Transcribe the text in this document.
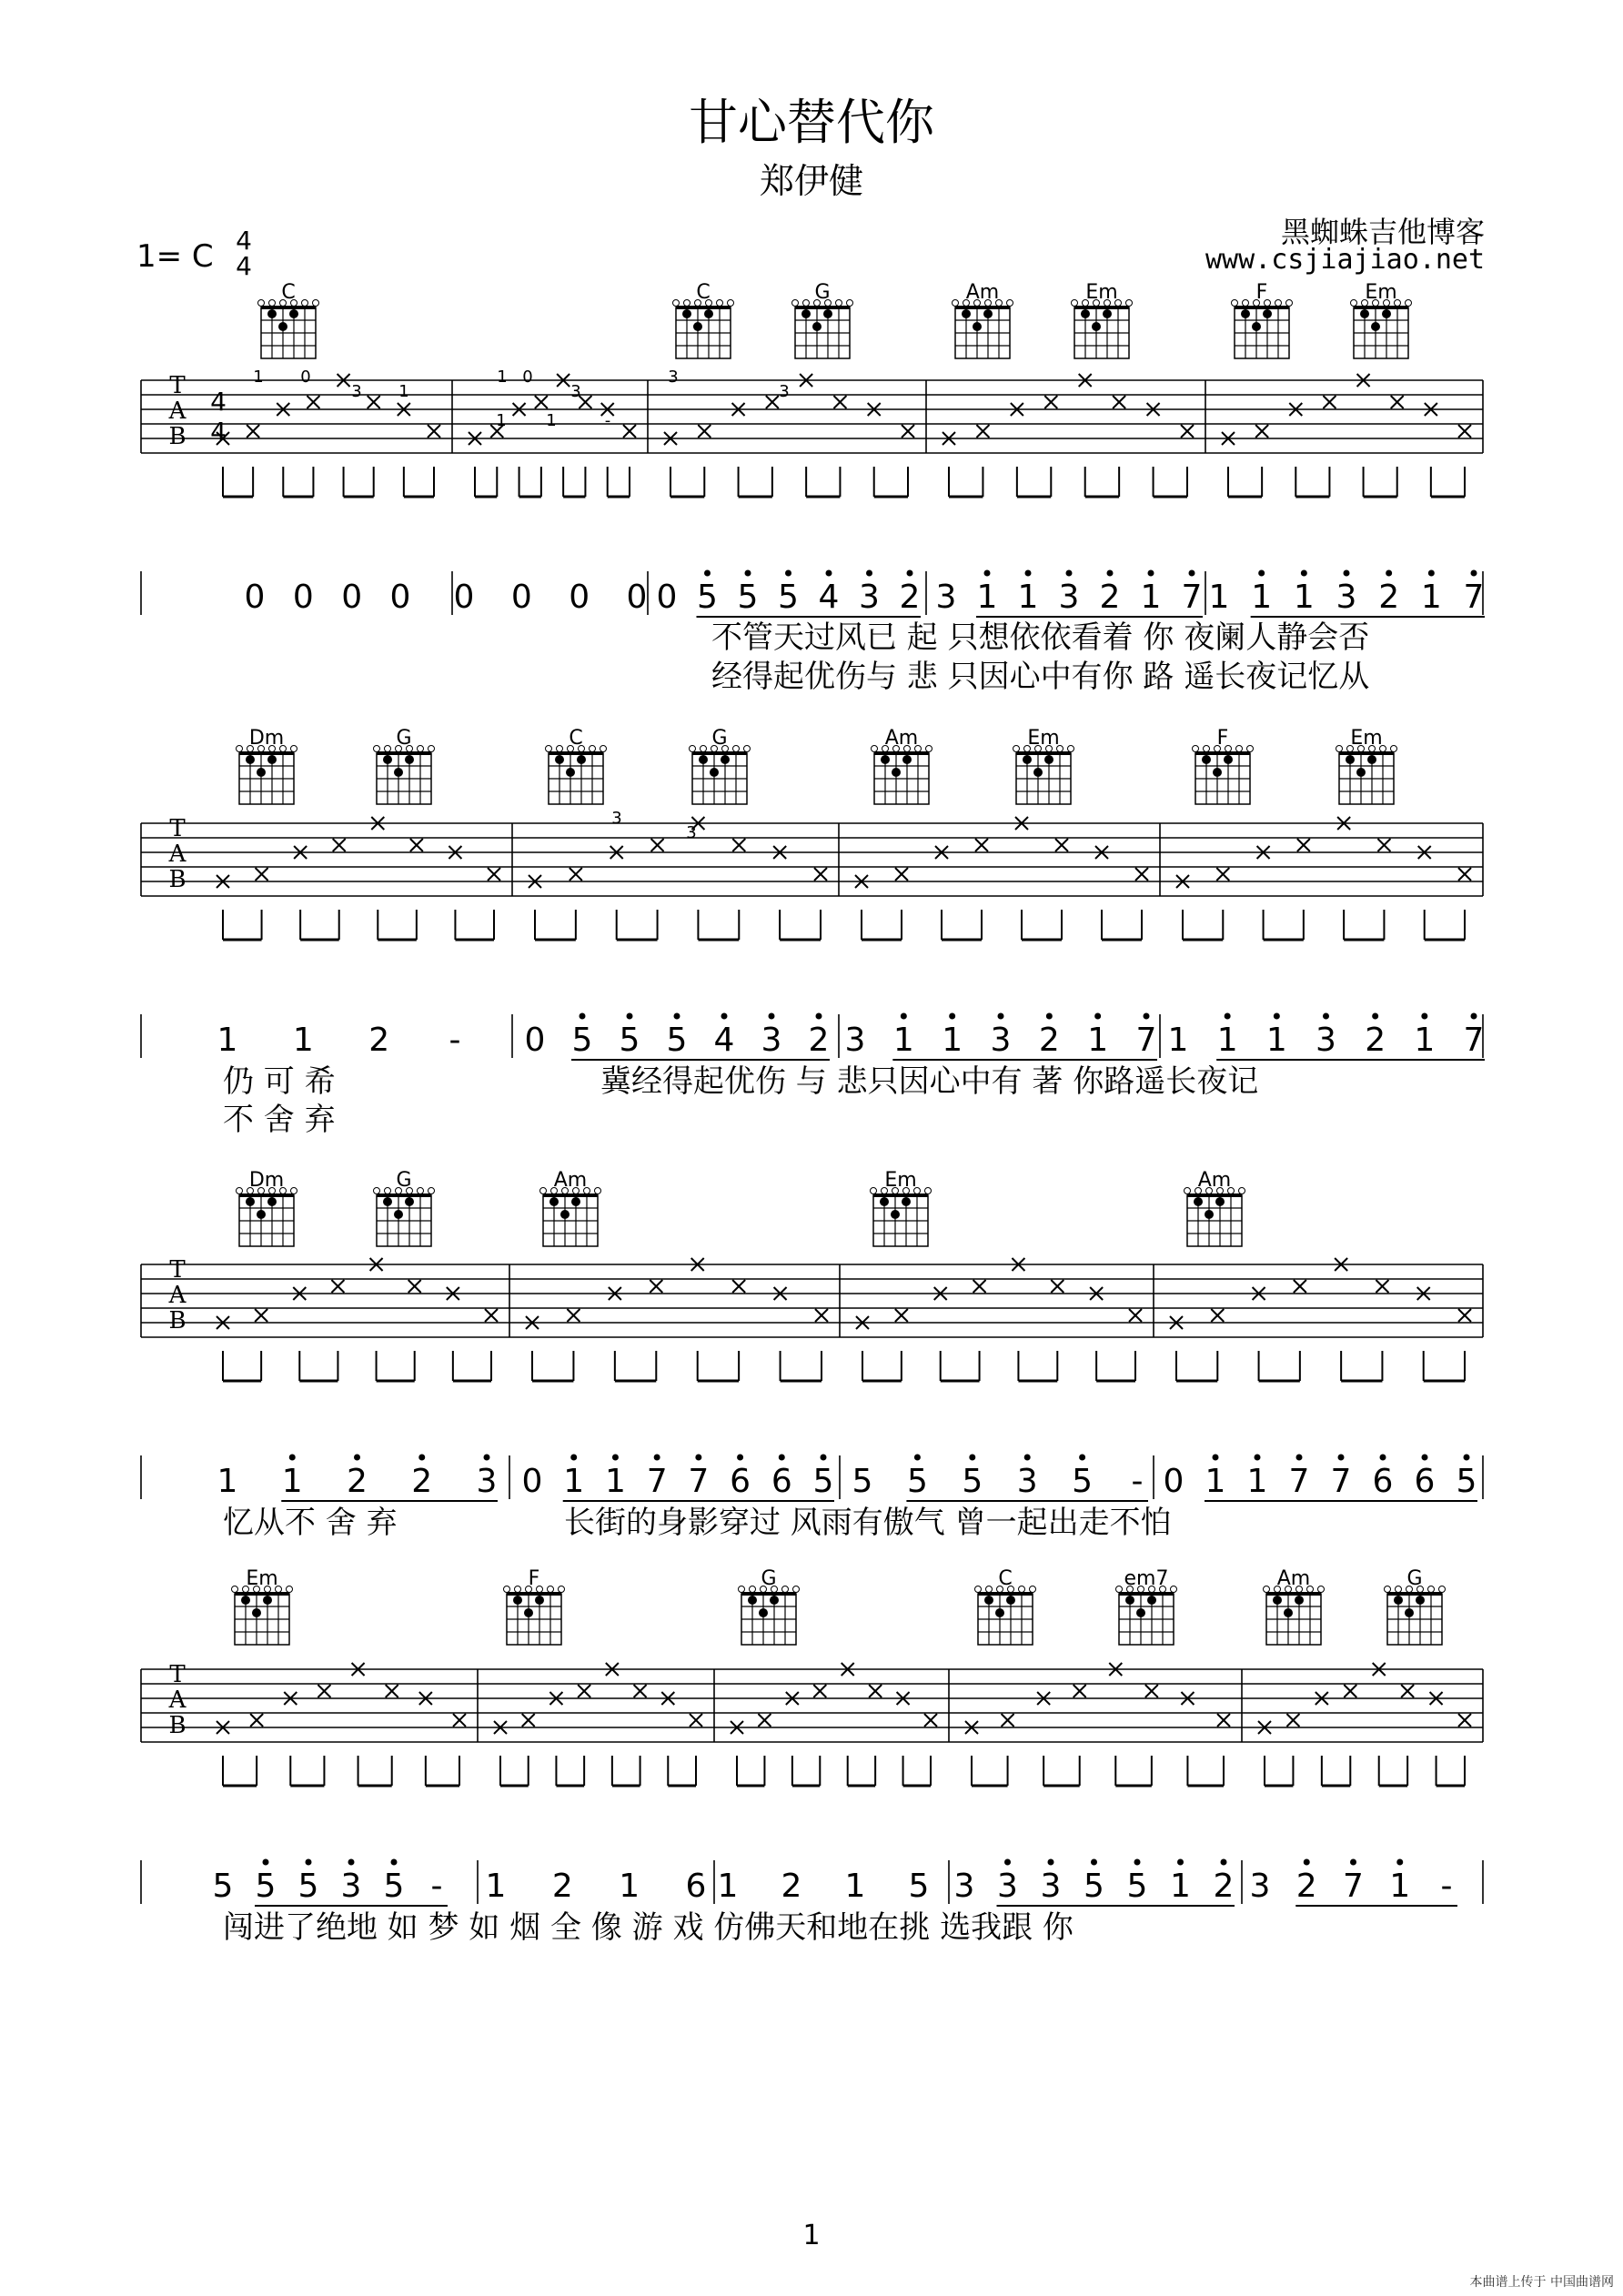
甘心替代你
郑伊健
黑蜘蛛吉他博客
www.csjiajiao.net
1= C 4
4
C	C	G	Am	Em	F	Em
T
A
B
4
4
0 0 0 0 0 0 0 0 0 5 5 5 4 3 2 3 1 1 3 2 1 7 1 1 1 3 2 1 7
不管天过风已 起 只想依依看着 你 夜阑人静会否
经得起优伤与 悲 只因心中有你 路 遥长夜记忆从
Dm	G	C	G	Am	Em	F	Em
T
A
B
1 1 2 - 0 5 5 5 4 3 2 3 1 1 3 2 1 7 1 1 1 3 2 1 7
仍 可 希	冀经得起优伤 与 悲只因心中有 著 你路遥长夜记
不 舍 弃
Dm	G	Am	Em	Am
T
A
B
1 1 2 2 3 0 1 1 7 7 6 6 5 5 5 5 3 5 - 0 1 1 7 7 6 6 5
忆从不 舍 弃	长街的身影穿过 风雨有傲气 曾一起出走不怕
Em	F	G	C	em7	Am	G
T
A
B
5 5 5 3 5 - 1 2 1 6 1 2 1 5 3 3 3 5 5 1 2 3 2 7 1 -
闯进了绝地 如 梦 如 烟 全 像 游 戏 仿佛天和地在挑 选我跟 你
1 0
3 1
1 0
3
1
1
3
3
-
3
3
1
本曲谱上传于 中国曲谱网
